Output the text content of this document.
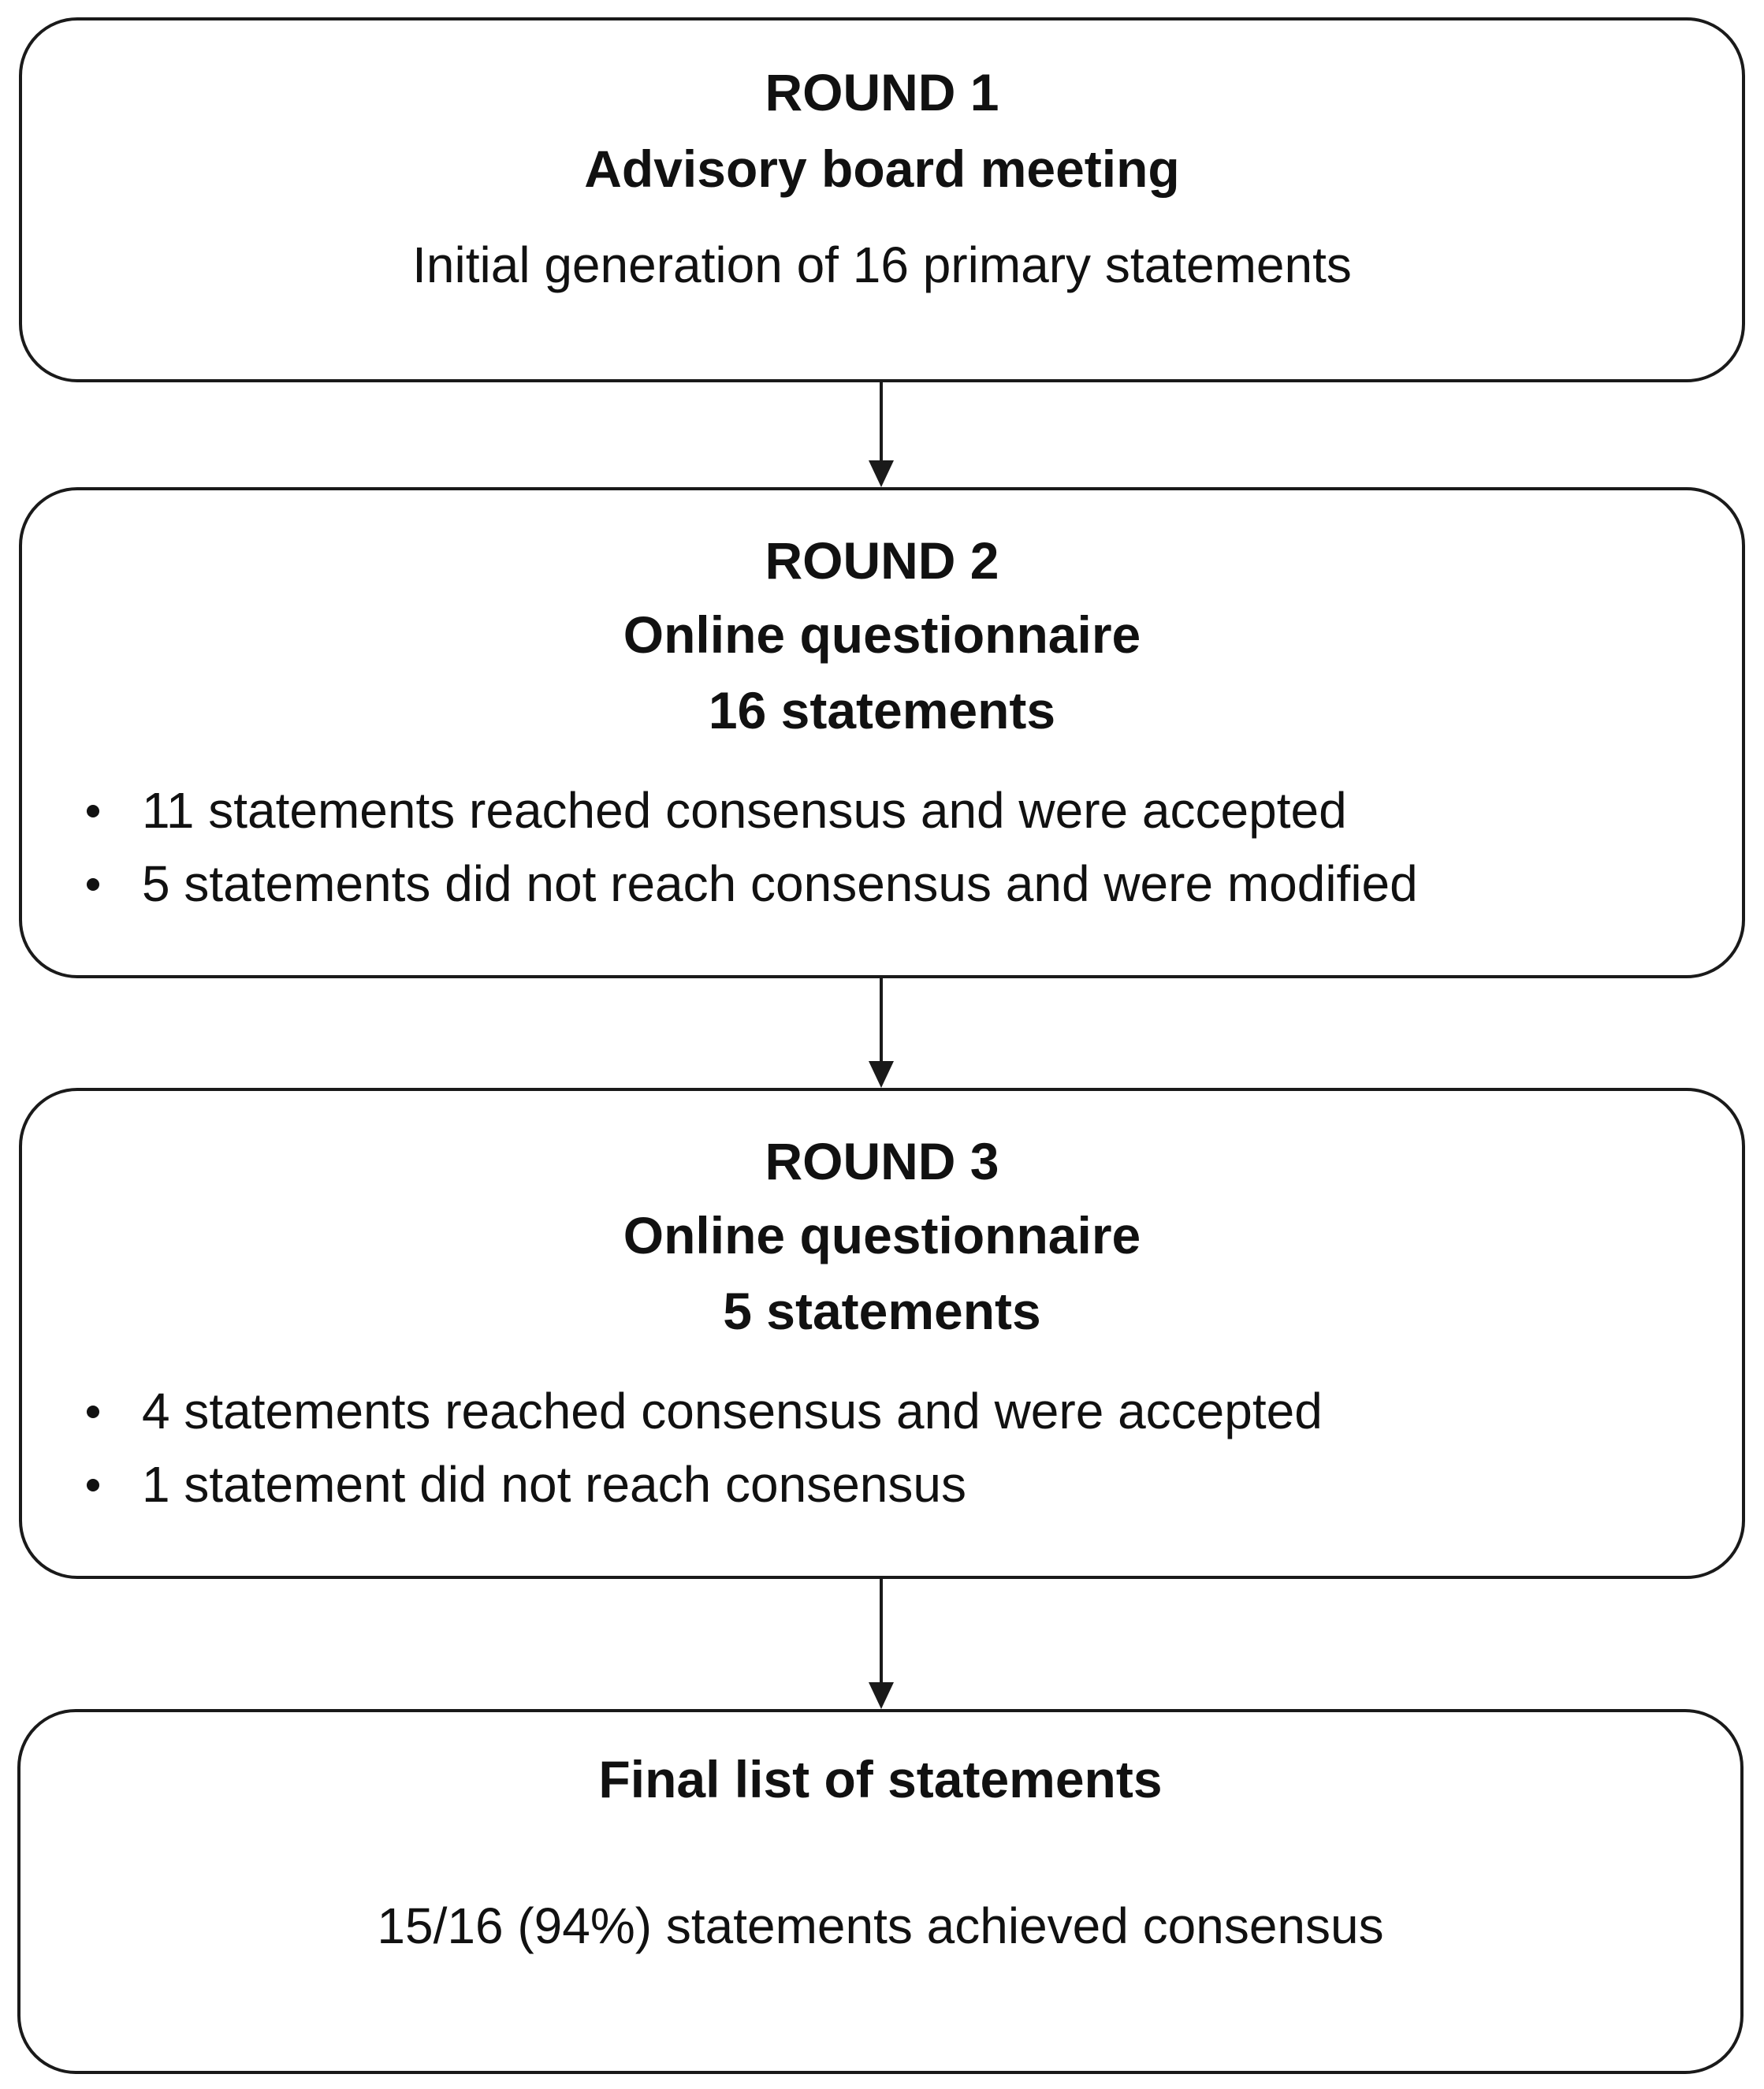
ROUND 1
Advisory board meeting
Initial generation of 16 primary statements
ROUND 2
Online questionnaire
16 statements
11 statements reached consensus and were accepted
5 statements did not reach consensus and were modified
ROUND 3
Online questionnaire
5 statements
4 statements reached consensus and were accepted
1 statement did not reach consensus
Final list of statements
15/16 (94%) statements achieved consensus
